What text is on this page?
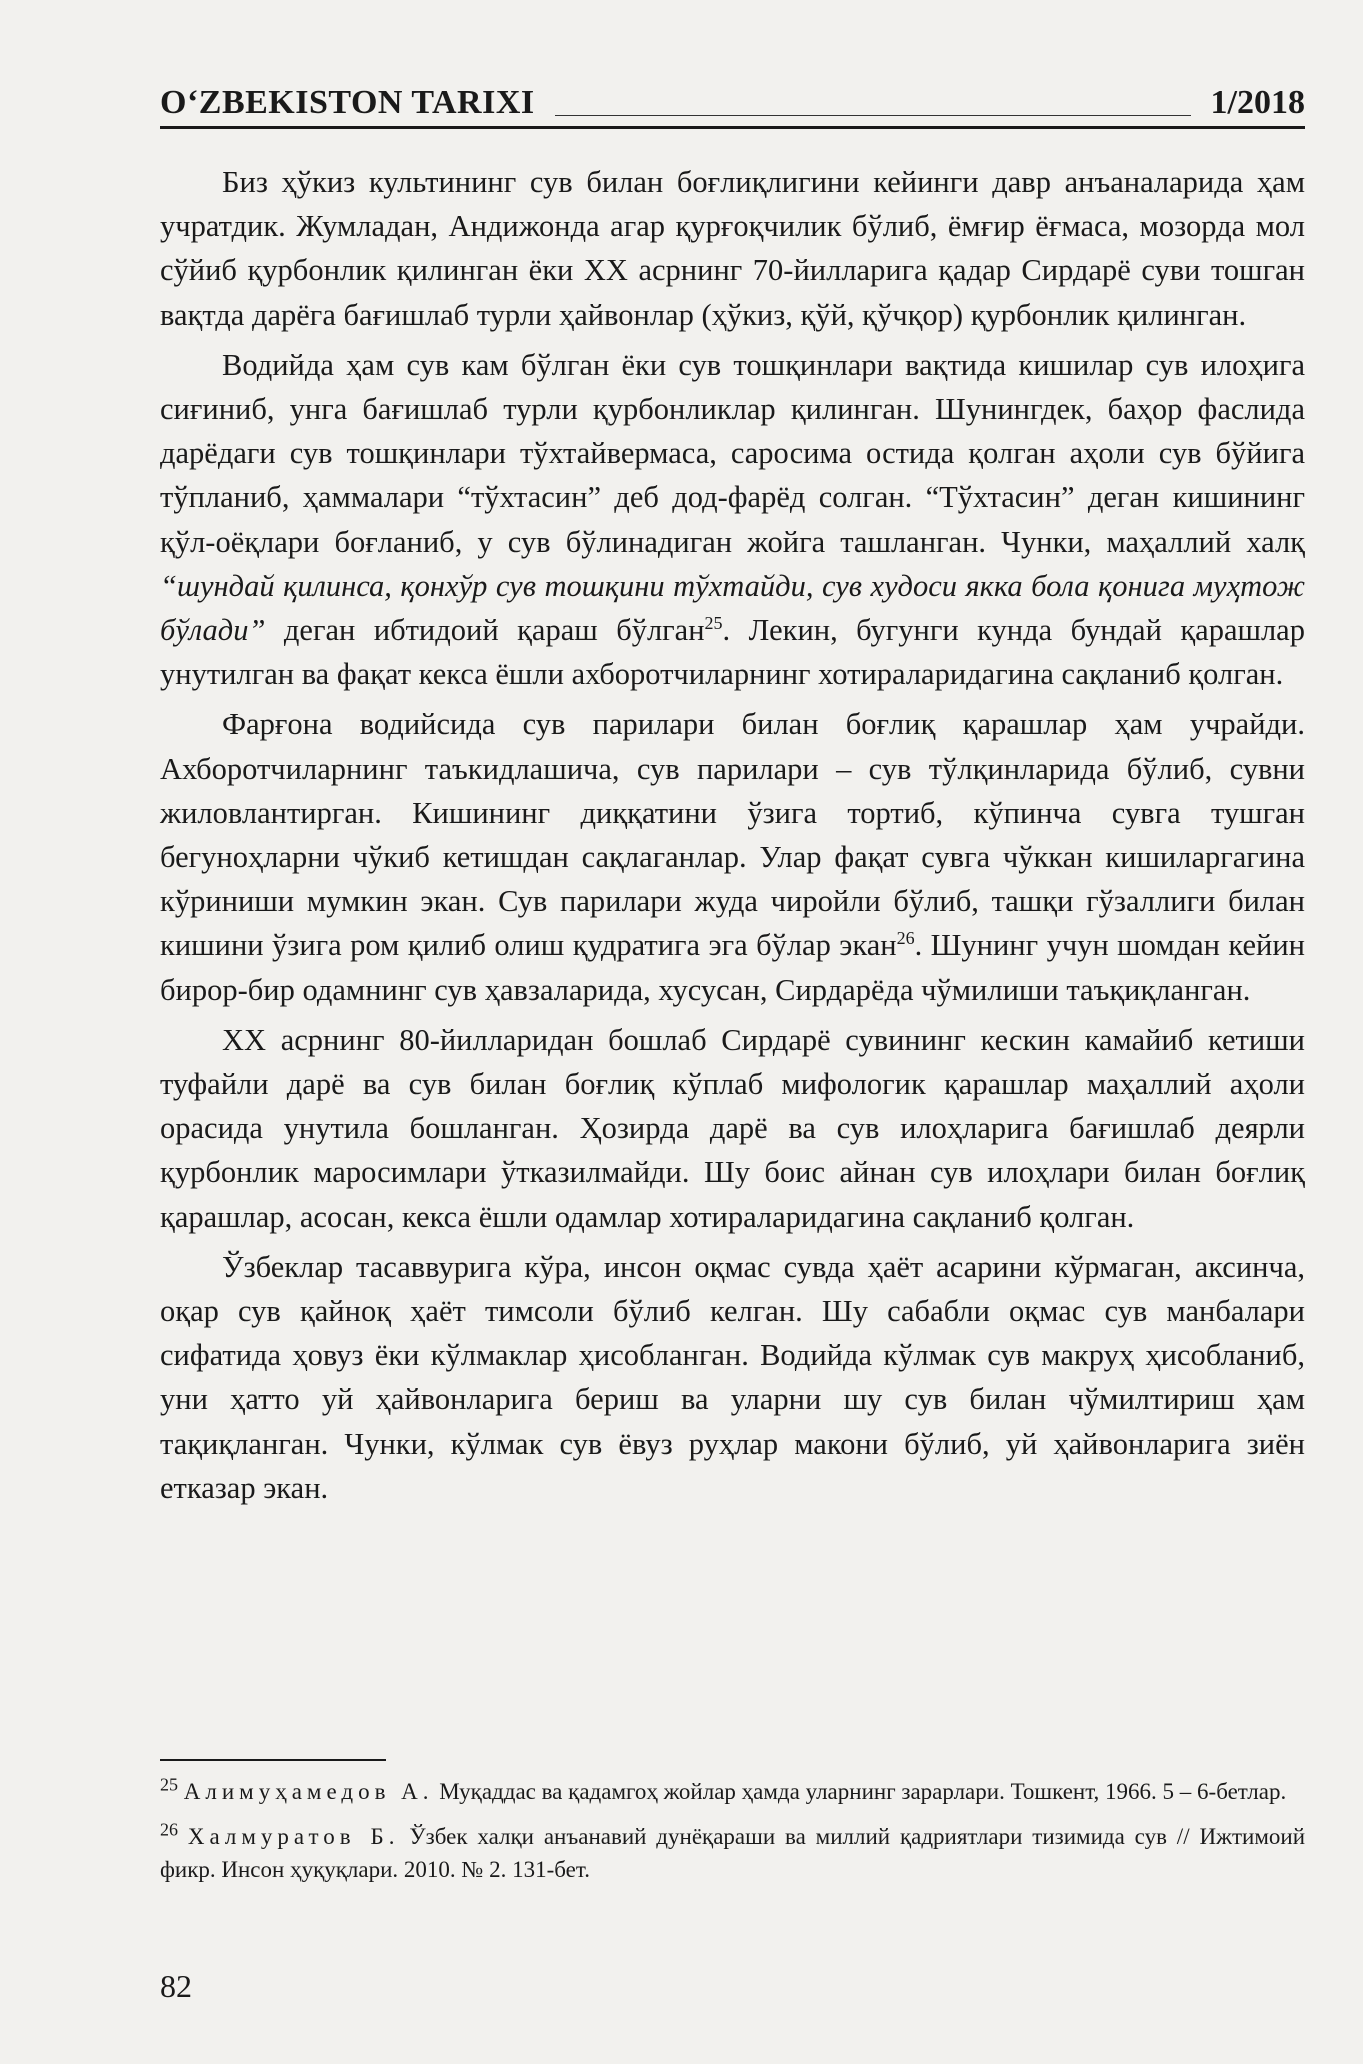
O‘ZBEKISTON TARIXI	1/2018

Биз ҳўкиз культининг сув билан боғлиқлигини кейинги давр анъаналарида ҳам учратдик. Жумладан, Андижонда агар қурғоқчилик бўлиб, ёмғир ёғмаса, мозорда мол сўйиб қурбонлик қилинган ёки XX асрнинг 70-йилларига қадар Сирдарё суви тошган вақтда дарёга бағишлаб турли ҳайвонлар (ҳўкиз, қўй, қўчқор) қурбонлик қилинган.

Водийда ҳам сув кам бўлган ёки сув тошқинлари вақтида кишилар сув илоҳига сиғиниб, унга бағишлаб турли қурбонликлар қилинган. Шунингдек, баҳор фаслида дарёдаги сув тошқинлари тўхтайвермаса, саросима остида қолган аҳоли сув бўйига тўпланиб, ҳаммалари “тўхтасин” деб дод-фарёд солган. “Тўхтасин” деган кишининг қўл-оёқлари боғланиб, у сув бўлинадиган жойга ташланган. Чунки, маҳаллий халқ “шундай қилинса, қонхўр сув тошқини тўхтайди, сув худоси якка бола қонига муҳтож бўлади” деган ибтидоий қараш бўлган$^{25}$. Лекин, бугунги кунда бундай қарашлар унутилган ва фақат кекса ёшли ахборотчиларнинг хотираларидагина сақланиб қолган.

Фарғона водийсида сув парилари билан боғлиқ қарашлар ҳам учрайди. Ахборотчиларнинг таъкидлашича, сув парилари – сув тўлқинларида бўлиб, сувни жиловлантирган. Кишининг диққатини ўзига тортиб, кўпинча сувга тушган бегуноҳларни чўкиб кетишдан сақлаганлар. Улар фақат сувга чўккан кишиларгагина кўриниши мумкин экан. Сув парилари жуда чиройли бўлиб, ташқи гўзаллиги билан кишини ўзига ром қилиб олиш қудратига эга бўлар экан$^{26}$. Шунинг учун шомдан кейин бирор-бир одамнинг сув ҳавзаларида, хусусан, Сирдарёда чўмилиши таъқиқланган.

XX асрнинг 80-йилларидан бошлаб Сирдарё сувининг кескин камайиб кетиши туфайли дарё ва сув билан боғлиқ кўплаб мифологик қарашлар маҳаллий аҳоли орасида унутила бошланган. Ҳозирда дарё ва сув илоҳларига бағишлаб деярли қурбонлик маросимлари ўтказилмайди. Шу боис айнан сув илоҳлари билан боғлиқ қарашлар, асосан, кекса ёшли одамлар хотираларидагина сақланиб қолган.

Ўзбеклар тасаввурига кўра, инсон оқмас сувда ҳаёт асарини кўрмаган, аксинча, оқар сув қайноқ ҳаёт тимсоли бўлиб келган. Шу сабабли оқмас сув манбалари сифатида ҳовуз ёки кўлмаклар ҳисобланган. Водийда кўлмак сув макруҳ ҳисобланиб, уни ҳатто уй ҳайвонларига бериш ва уларни шу сув билан чўмилтириш ҳам тақиқланган. Чунки, кўлмак сув ёвуз руҳлар макони бўлиб, уй ҳайвонларига зиён етказар экан.

$^{25}$ Алимуҳамедов А. Муқаддас ва қадамгоҳ жойлар ҳамда уларнинг зарарлари. Тошкент, 1966. 5 – 6-бетлар.

$^{26}$ Халмуратов Б. Ўзбек халқи анъанавий дунёқараши ва миллий қадриятлари тизимида сув // Ижтимоий фикр. Инсон ҳуқуқлари. 2010. № 2. 131-бет.

82
